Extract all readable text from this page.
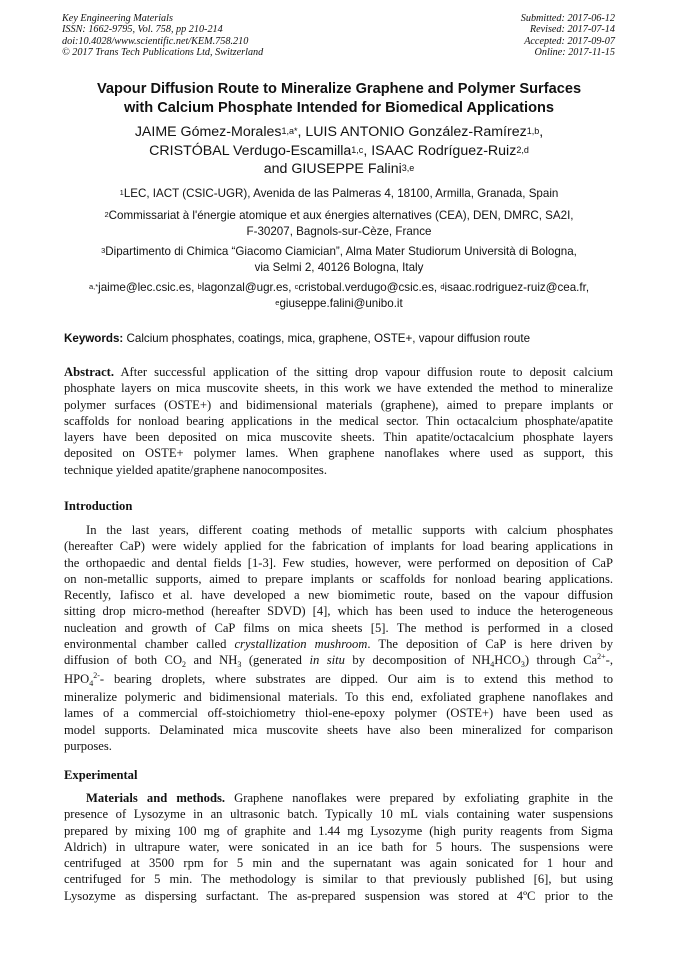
Key Engineering Materials
ISSN: 1662-9795, Vol. 758, pp 210-214
doi:10.4028/www.scientific.net/KEM.758.210
© 2017 Trans Tech Publications Ltd, Switzerland
Submitted: 2017-06-12
Revised: 2017-07-14
Accepted: 2017-09-07
Online: 2017-11-15
Vapour Diffusion Route to Mineralize Graphene and Polymer Surfaces
with Calcium Phosphate Intended for Biomedical Applications
JAIME Gómez-Morales$^{1,a*}$, LUIS ANTONIO González-Ramírez$^{1,b}$,
CRISTÓBAL Verdugo-Escamilla$^{1,c}$, ISAAC Rodríguez-Ruiz$^{2,d}$
and GIUSEPPE Falini$^{3,e}$
$^1$LEC, IACT (CSIC-UGR), Avenida de las Palmeras 4, 18100, Armilla, Granada, Spain
$^2$Commissariat à l'énergie atomique et aux énergies alternatives (CEA), DEN, DMRC, SA2I,
F-30207, Bagnols-sur-Cèze, France
$^3$Dipartimento di Chimica “Giacomo Ciamician”, Alma Mater Studiorum Università di Bologna,
via Selmi 2, 40126 Bologna, Italy
$^{a,*}$jaime@lec.csic.es, $^b$lagonzal@ugr.es, $^c$cristobal.verdugo@csic.es, $^d$isaac.rodriguez-ruiz@cea.fr,
$^e$giuseppe.falini@unibo.it
Keywords: Calcium phosphates, coatings, mica, graphene, OSTE+, vapour diffusion route
Abstract. After successful application of the sitting drop vapour diffusion route to deposit calcium
phosphate layers on mica muscovite sheets, in this work we have extended the method to mineralize
polymer surfaces (OSTE+) and bidimensional materials (graphene), aimed to prepare implants or
scaffolds for nonload bearing applications in the medical sector. Thin octacalcium phosphate/apatite
layers have been deposited on mica muscovite sheets. Thin apatite/octacalcium phosphate layers
deposited on OSTE+ polymer lames. When graphene nanoflakes where used as support, this
technique yielded apatite/graphene nanocomposites.
Introduction
In the last years, different coating methods of metallic supports with calcium phosphates
(hereafter CaP) were widely applied for the fabrication of implants for load bearing applications in
the orthopaedic and dental fields [1-3]. Few studies, however, were performed on deposition of CaP
on non-metallic supports, aimed to prepare implants or scaffolds for nonload bearing applications.
Recently, Iafisco et al. have developed a new biomimetic route, based on the vapour diffusion
sitting drop micro-method (hereafter SDVD) [4], which has been used to induce the heterogeneous
nucleation and growth of CaP films on mica sheets [5]. The method is performed in a closed
environmental chamber called crystallization mushroom. The deposition of CaP is here driven by
diffusion of both $CO_2$ and $NH_3$ (generated in situ by decomposition of $NH_4HCO_3$) through $Ca^{2+}-$,
$HPO_4^{2-}-$ bearing droplets, where substrates are dipped. Our aim is to extend this method to
mineralize polymeric and bidimensional materials. To this end, exfoliated graphene nanoflakes and
lames of a commercial off-stoichiometry thiol-ene-epoxy polymer (OSTE+) have been used as
model supports. Delaminated mica muscovite sheets have also been mineralized for comparison
purposes.
Experimental
Materials and methods. Graphene nanoflakes were prepared by exfoliating graphite in the
presence of Lysozyme in an ultrasonic batch. Typically 10 mL vials containing water suspensions
prepared by mixing 100 mg of graphite and 1.44 mg Lysozyme (high purity reagents from Sigma
Aldrich) in ultrapure water, were sonicated in an ice bath for 5 hours. The suspensions were
centrifuged at 3500 rpm for 5 min and the supernatant was again sonicated for 1 hour and
centrifuged for 5 min. The methodology is similar to that previously published [6], but using
Lysozyme as dispersing surfactant. The as-prepared suspension was stored at 4ºC prior to the
